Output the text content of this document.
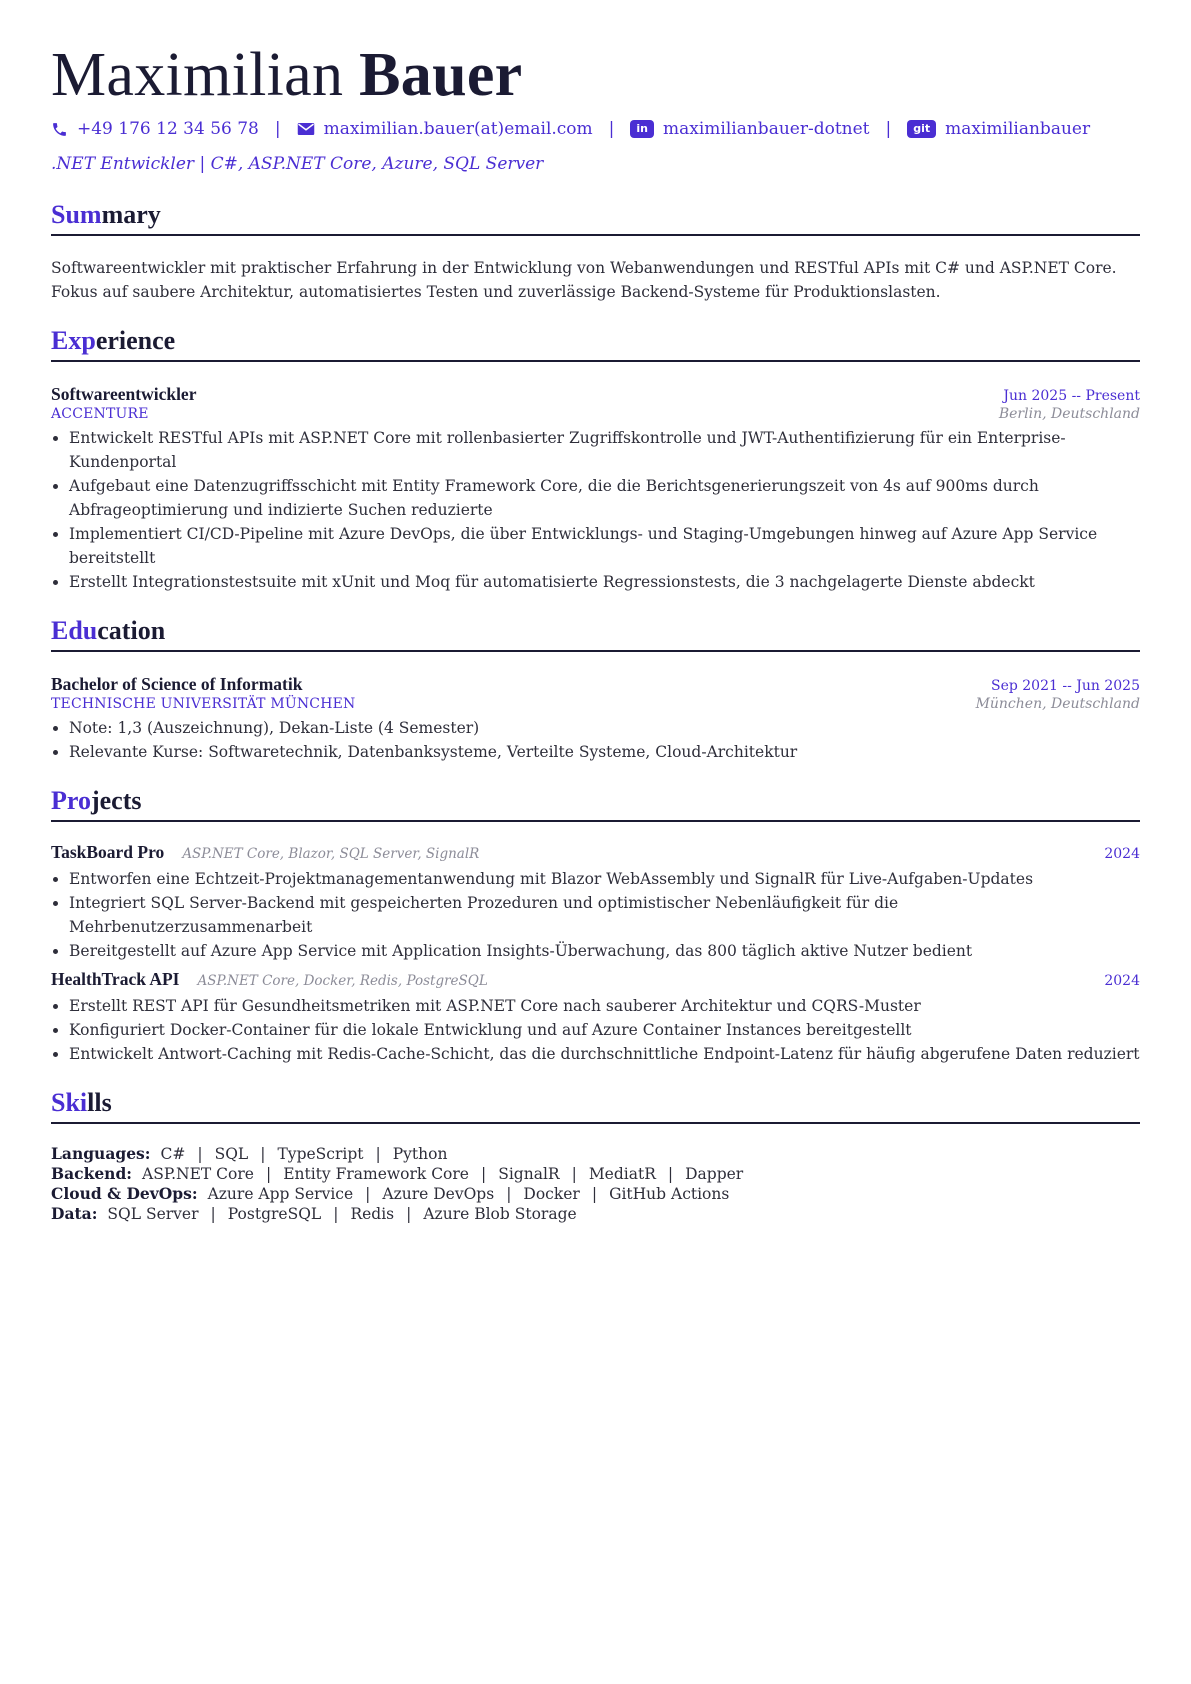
Maximilian Bauer
+49 176 12 34 56 78 |	maximilian.bauer(at)email.com |	in maximilianbauer-dotnet |	git maximilianbauer
.NET Entwickler | C#, ASP.NET Core, Azure, SQL Server
Summary
Softwareentwickler mit praktischer Erfahrung in der Entwicklung von Webanwendungen und RESTful APIs mit C# und ASP.NET Core. Fokus auf saubere Architektur, automatisiertes Testen und zuverlässige Backend-Systeme für Produktionslasten.
Experience
Softwareentwickler	Jun 2025 -- Present
ACCENTURE	Berlin, Deutschland
• Entwickelt RESTful APIs mit ASP.NET Core mit rollenbasierter Zugriffskontrolle und JWT-Authentifizierung für ein Enterprise-Kundenportal
• Aufgebaut eine Datenzugriffsschicht mit Entity Framework Core, die die Berichtsgenerierungszeit von 4s auf 900ms durch Abfrageoptimierung und indizierte Suchen reduzierte
• Implementiert CI/CD-Pipeline mit Azure DevOps, die über Entwicklungs- und Staging-Umgebungen hinweg auf Azure App Service bereitstellt
• Erstellt Integrationstestsuite mit xUnit und Moq für automatisierte Regressionstests, die 3 nachgelagerte Dienste abdeckt
Education
Bachelor of Science of Informatik	Sep 2021 -- Jun 2025
TECHNISCHE UNIVERSITÄT MÜNCHEN	München, Deutschland
• Note: 1,3 (Auszeichnung), Dekan-Liste (4 Semester)
• Relevante Kurse: Softwaretechnik, Datenbanksysteme, Verteilte Systeme, Cloud-Architektur
Projects
TaskBoard Pro ASP.NET Core, Blazor, SQL Server, SignalR	2024
• Entworfen eine Echtzeit-Projektmanagementanwendung mit Blazor WebAssembly und SignalR für Live-Aufgaben-Updates
• Integriert SQL Server-Backend mit gespeicherten Prozeduren und optimistischer Nebenläufigkeit für die Mehrbenutzerzusammenarbeit
• Bereitgestellt auf Azure App Service mit Application Insights-Überwachung, das 800 täglich aktive Nutzer bedient
HealthTrack API ASP.NET Core, Docker, Redis, PostgreSQL	2024
• Erstellt REST API für Gesundheitsmetriken mit ASP.NET Core nach sauberer Architektur und CQRS-Muster
• Konfiguriert Docker-Container für die lokale Entwicklung und auf Azure Container Instances bereitgestellt
• Entwickelt Antwort-Caching mit Redis-Cache-Schicht, das die durchschnittliche Endpoint-Latenz für häufig abgerufene Daten reduziert
Skills
Languages: C# | SQL | TypeScript | Python
Backend: ASP.NET Core | Entity Framework Core | SignalR | MediatR | Dapper
Cloud & DevOps: Azure App Service | Azure DevOps | Docker | GitHub Actions
Data: SQL Server | PostgreSQL | Redis | Azure Blob Storage
